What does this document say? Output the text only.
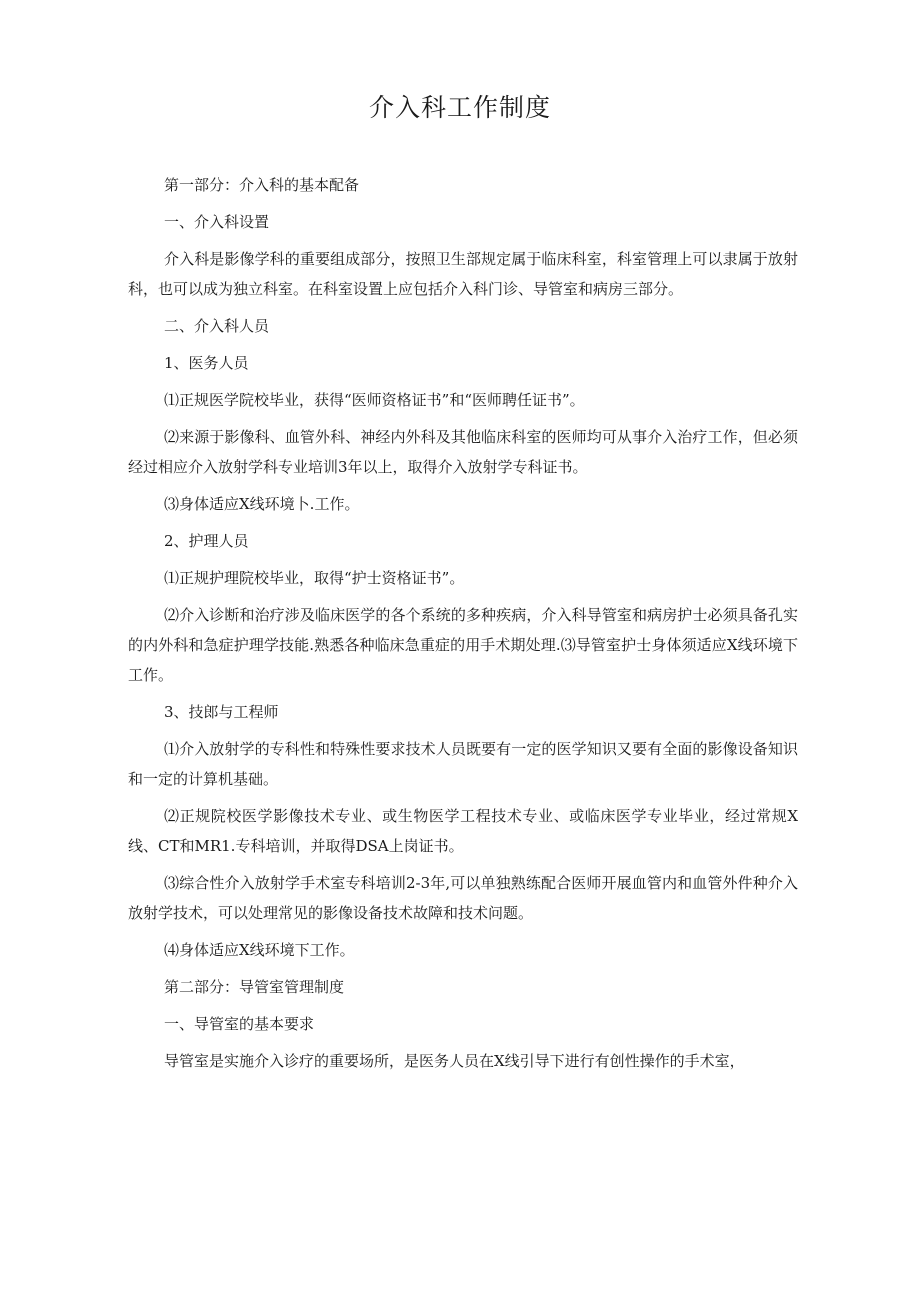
介入科工作制度

第一部分：介入科的基本配备

一、介入科设置

介入科是影像学科的重要组成部分，按照卫生部规定属于临床科室，科室管理上可以隶属于放射科，也可以成为独立科室。在科室设置上应包括介入科门诊、导管室和病房三部分。

二、介入科人员

1、医务人员

⑴正规医学院校毕业，获得“医师资格证书”和“医师聘任证书”。

⑵来源于影像科、血管外科、神经内外科及其他临床科室的医师均可从事介入治疗工作，但必须经过相应介入放射学科专业培训3年以上，取得介入放射学专科证书。

⑶身体适应X线环境卜.工作。

2、护理人员

⑴正规护理院校毕业，取得“护士资格证书”。

⑵介入诊断和治疗涉及临床医学的各个系统的多种疾病，介入科导管室和病房护士必须具备孔实的内外科和急症护理学技能.熟悉各种临床急重症的用手术期处理.⑶导管室护士身体须适应X线环境下工作。

3、技郎与工程师

⑴介入放射学的专科性和特殊性要求技术人员既要有一定的医学知识又要有全面的影像设备知识和一定的计算机基础。

⑵正规院校医学影像技术专业、或生物医学工程技术专业、或临床医学专业毕业，经过常规X线、CT和MR1.专科培训，并取得DSA上岗证书。

⑶综合性介入放射学手术室专科培训2-3年,可以单独熟练配合医师开展血管内和血管外件种介入放射学技术，可以处理常见的影像设备技术故障和技术问题。

⑷身体适应X线环境下工作。

第二部分：导管室管理制度

一、导管室的基本要求

导管室是实施介入诊疗的重要场所，是医务人员在X线引导下进行有创性操作的手术室，
